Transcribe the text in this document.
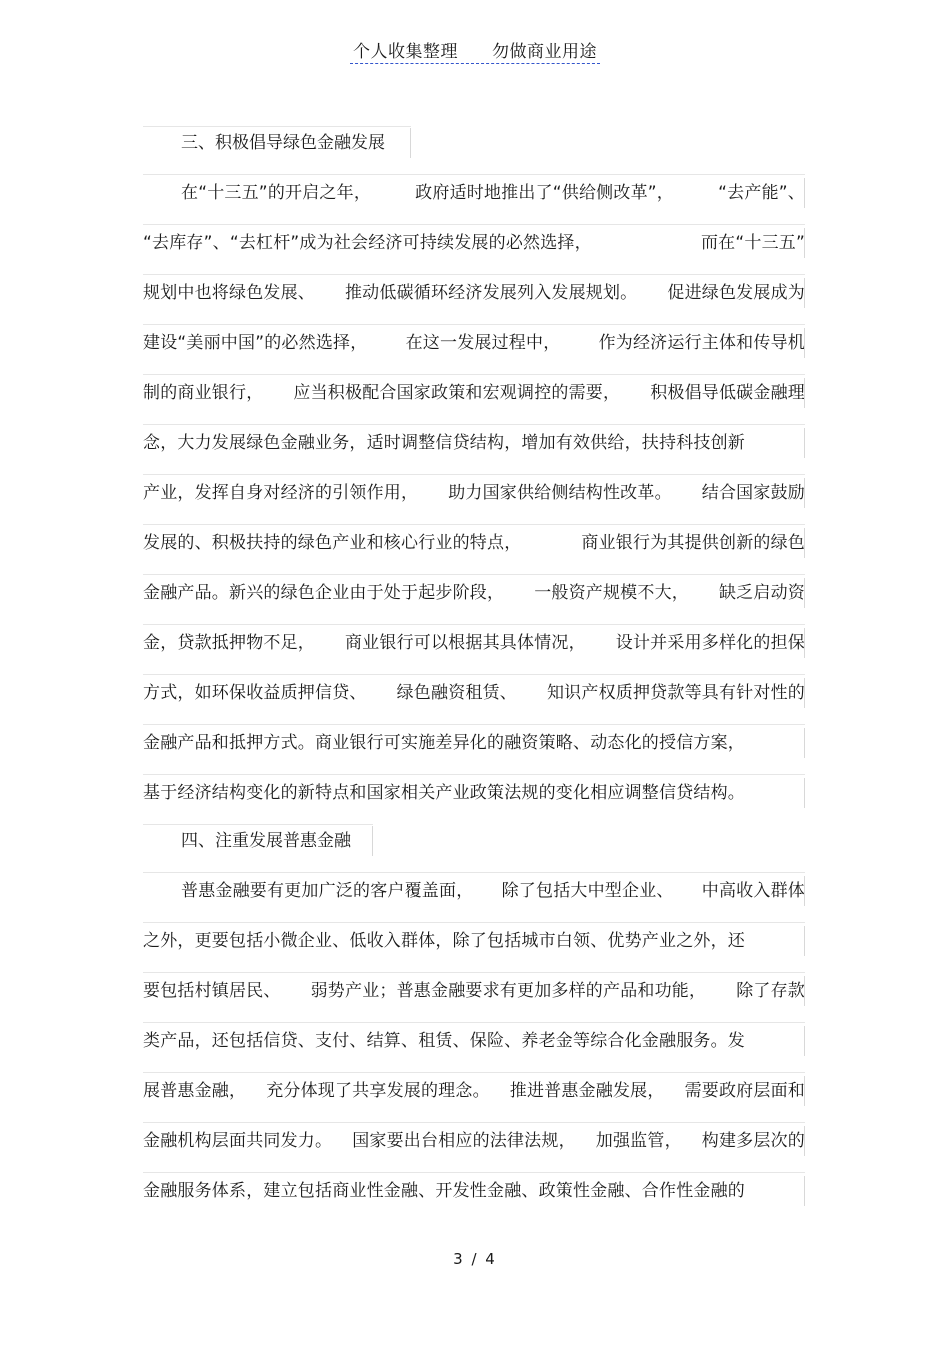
个人收集整理 勿做商业用途
三、积极倡导绿色金融发展
在“十三五”的开启之年，	政府适时地推出了“供给侧改革”，	“去产能”、
“去库存”、“去杠杆”成为社会经济可持续发展的必然选择，	而在“十三五”
规划中也将绿色发展、 推动低碳循环经济发展列入发展规划。 促进绿色发展成为
建设“美丽中国”的必然选择， 在这一发展过程中， 作为经济运行主体和传导机
制的商业银行， 应当积极配合国家政策和宏观调控的需要， 积极倡导低碳金融理
念，大力发展绿色金融业务，适时调整信贷结构，增加有效供给，扶持科技创新
产业，发挥自身对经济的引领作用， 助力国家供给侧结构性改革。 结合国家鼓励
发展的、积极扶持的绿色产业和核心行业的特点，	商业银行为其提供创新的绿色
金融产品。新兴的绿色企业由于处于起步阶段， 一般资产规模不大， 缺乏启动资
金，贷款抵押物不足， 商业银行可以根据其具体情况， 设计并采用多样化的担保
方式，如环保收益质押信贷、 绿色融资租赁、 知识产权质押贷款等具有针对性的
金融产品和抵押方式。商业银行可实施差异化的融资策略、动态化的授信方案，
基于经济结构变化的新特点和国家相关产业政策法规的变化相应调整信贷结构。
四、注重发展普惠金融
普惠金融要有更加广泛的客户覆盖面， 除了包括大中型企业、 中高收入群体
之外，更要包括小微企业、低收入群体，除了包括城市白领、优势产业之外，还
要包括村镇居民、 弱势产业；普惠金融要求有更加多样的产品和功能， 除了存款
类产品，还包括信贷、支付、结算、租赁、保险、养老金等综合化金融服务。发
展普惠金融， 充分体现了共享发展的理念。 推进普惠金融发展， 需要政府层面和
金融机构层面共同发力。 国家要出台相应的法律法规， 加强监管， 构建多层次的
金融服务体系，建立包括商业性金融、开发性金融、政策性金融、合作性金融的
3 / 4
